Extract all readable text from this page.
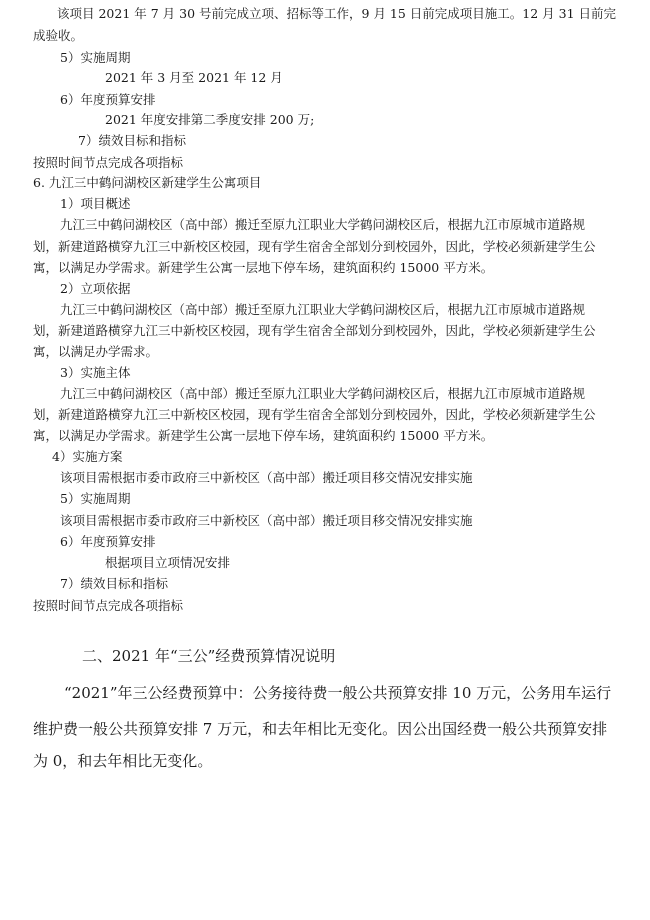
该项目 2021 年 7 月 30 号前完成立项、招标等工作，9 月 15 日前完成项目施工。12 月 31 日前完
成验收。
5）实施周期
2021 年 3 月至 2021 年 12 月
6）年度预算安排
2021 年度安排第二季度安排 200 万;
7）绩效目标和指标
按照时间节点完成各项指标
6. 九江三中鹤问湖校区新建学生公寓项目
1）项目概述
九江三中鹤问湖校区（高中部）搬迁至原九江职业大学鹤问湖校区后，根据九江市原城市道路规
划，新建道路横穿九江三中新校区校园，现有学生宿舍全部划分到校园外，因此，学校必须新建学生公
寓，以满足办学需求。新建学生公寓一层地下停车场，建筑面积约 15000 平方米。
2）立项依据
九江三中鹤问湖校区（高中部）搬迁至原九江职业大学鹤问湖校区后，根据九江市原城市道路规
划，新建道路横穿九江三中新校区校园，现有学生宿舍全部划分到校园外，因此，学校必须新建学生公
寓，以满足办学需求。
3）实施主体
九江三中鹤问湖校区（高中部）搬迁至原九江职业大学鹤问湖校区后，根据九江市原城市道路规
划，新建道路横穿九江三中新校区校园，现有学生宿舍全部划分到校园外，因此，学校必须新建学生公
寓，以满足办学需求。新建学生公寓一层地下停车场，建筑面积约 15000 平方米。
4）实施方案
该项目需根据市委市政府三中新校区（高中部）搬迁项目移交情况安排实施
5）实施周期
该项目需根据市委市政府三中新校区（高中部）搬迁项目移交情况安排实施
6）年度预算安排
根据项目立项情况安排
7）绩效目标和指标
按照时间节点完成各项指标
二、2021 年“三公”经费预算情况说明
“2021”年三公经费预算中：公务接待费一般公共预算安排 10 万元，公务用车运行
维护费一般公共预算安排 7 万元，和去年相比无变化。因公出国经费一般公共预算安排
为 0，和去年相比无变化。
